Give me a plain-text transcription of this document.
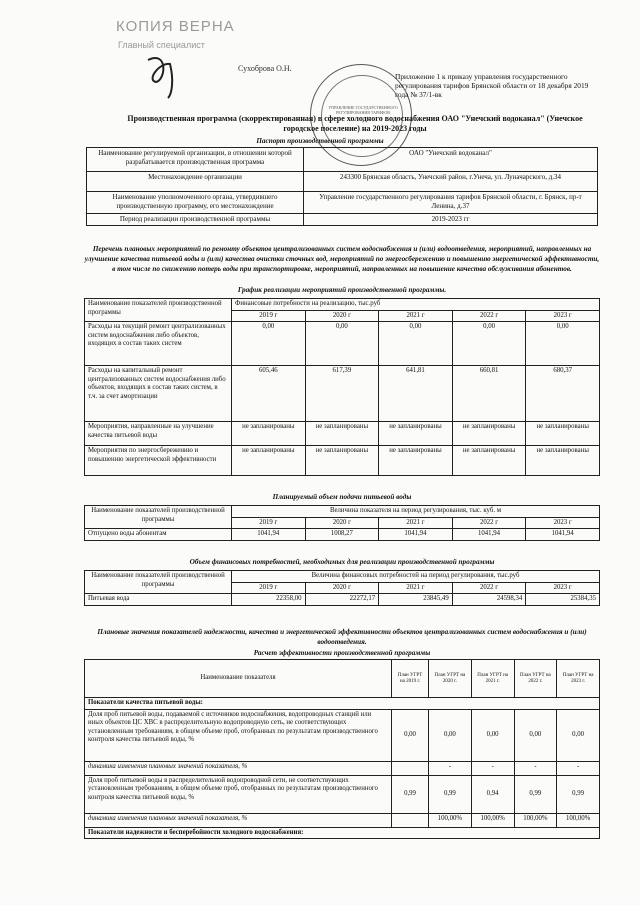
КОПИЯ ВЕРНА
Главный специалист
Сухоброва О.Н.
УПРАВЛЕНИЕ ГОСУДАРСТВЕННОГО РЕГУЛИРОВАНИЯ ТАРИФОВ
Приложение 1 к приказу управления государственного регулирования тарифов Брянской области от 18 декабря 2019 года № 37/1-вк
Производственная программа (скорректированная) в сфере холодного водоснабжения ОАО "Унечский водоканал" (Унечское городское поселение) на 2019-2023 годы
Паспорт производственной программы
Наименование регулируемой организации, в отношении которой разрабатывается производственная программа	ОАО "Унечский водоканал"
Местонахождение организации	243300 Брянская область, Унечский район, г.Унеча, ул. Луначарского, д.34
Наименование уполномоченного органа, утвердившего производственную программу, его местонахождение	Управление государственного регулирования тарифов Брянской области, г. Брянск, пр-т Ленина, д.37
Период реализации производственной программы	2019-2023 гг
Перечень плановых мероприятий по ремонту объектов централизованных систем водоснабжения и (или) водоотведения, мероприятий, направленных на улучшение качества питьевой воды и (или) качества очистки сточных вод, мероприятий по энергосбережению и повышению энергетической эффективности, в том числе по снижению потерь воды при транспортировке, мероприятий, направленных на повышение качества обслуживания абонентов.
График реализации мероприятий производственной программы.
Наименование показателей производственной программы	Финансовые потребности на реализацию, тыс.руб				
	2019 г	2020 г	2021 г	2022 г	2023 г
Расходы на текущий ремонт централизованных систем водоснабжения либо объектов, входящих в состав таких систем	0,00	0,00	0,00	0,00	0,00
Расходы на капитальный ремонт централизованных систем водоснабжения либо объектов, входящих в состав таких систем, в т.ч. за счет амортизации	605,46	617,39	641,81	660,81	680,37
Мероприятия, направленные на улучшение качества питьевой воды	не запланированы	не запланированы	не запланированы	не запланированы	не запланированы
Мероприятия по энергосбережению и повышению энергетической эффективности	не запланированы	не запланированы	не запланированы	не запланированы	не запланированы
Планируемый объем подачи питьевой воды
Наименование показателей производственной программы	Величина показателя на период регулирования, тыс. куб. м				
	2019 г	2020 г	2021 г	2022 г	2023 г
Отпущено воды абонентам	1041,94	1008,27	1041,94	1041,94	1041,94
Объем финансовых потребностей, необходимых для реализации производственной программы
Наименование показателей производственной программы	Величина финансовых потребностей на период регулирования, тыс.руб				
	2019 г	2020 г	2021 г	2022 г	2023 г
Питьевая вода	22358,00	22272,17	23845,49	24598,34	25384,35
Плановые значения показателей надежности, качества и энергетической эффективности объектов централизованных систем водоснабжения и (или) водоотведения.
Расчет эффективности производственной программы
Наименование показателя	План УГРТ на 2019 г.	План УГРТ на 2020 г.	План УГРТ на 2021 г.	План УГРТ на 2022 г.	План УГРТ на 2023 г.
Показатели качества питьевой воды:					
Доля проб питьевой воды, подаваемой с источников водоснабжения, водопроводных станций или иных объектов ЦС ХВС в распределительную водопроводную сеть, не соответствующих установленным требованиям, в общем объеме проб, отобранных по результатам производственного контроля качества питьевой воды, %	0,00	0,00	0,00	0,00	0,00
динамика изменения плановых значений показателя, %		-	-	-	-
Доля проб питьевой воды в распределительной водопроводной сети, не соответствующих установленным требованиям, в общем объеме проб, отобранных по результатам производственного контроля качества питьевой воды, %	0,99	0,99	0,94	0,99	0,99
динамика изменения плановых значений показателя, %		100,00%	100,00%	100,00%	100,00%
Показатели надежности и бесперебойности холодного водоснабжения:					
